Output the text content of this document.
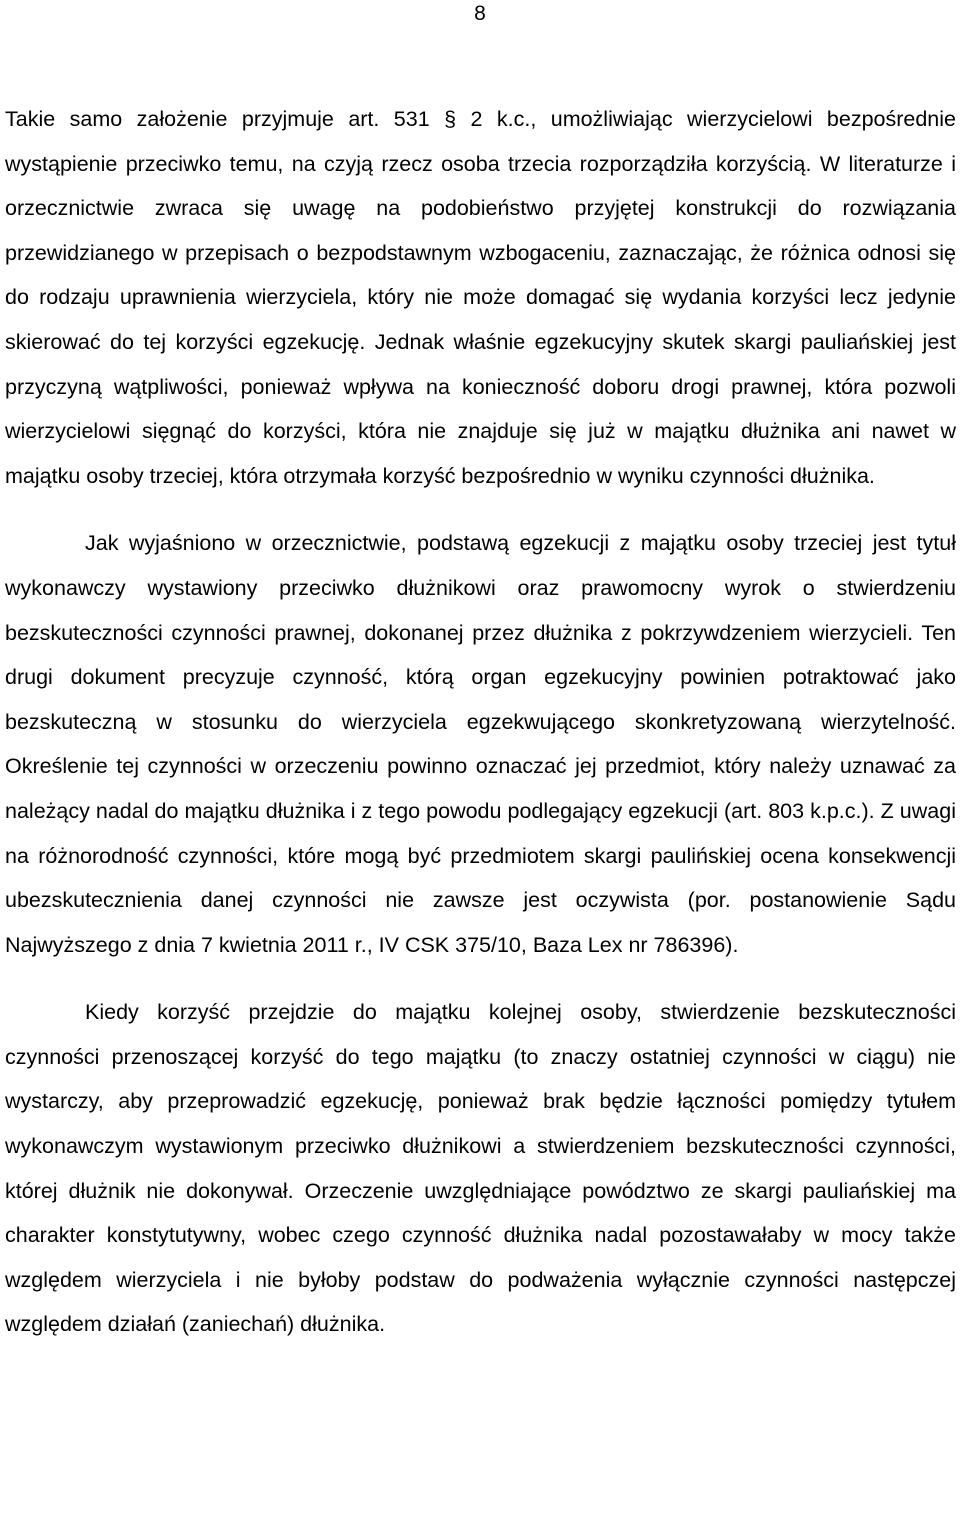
8

Takie samo założenie przyjmuje art. 531 § 2 k.c., umożliwiając wierzycielowi bezpośrednie wystąpienie przeciwko temu, na czyją rzecz osoba trzecia rozporządziła korzyścią. W literaturze i orzecznictwie zwraca się uwagę na podobieństwo przyjętej konstrukcji do rozwiązania przewidzianego w przepisach o bezpodstawnym wzbogaceniu, zaznaczając, że różnica odnosi się do rodzaju uprawnienia wierzyciela, który nie może domagać się wydania korzyści lecz jedynie skierować do tej korzyści egzekucję. Jednak właśnie egzekucyjny skutek skargi pauliańskiej jest przyczyną wątpliwości, ponieważ wpływa na konieczność doboru drogi prawnej, która pozwoli wierzycielowi sięgnąć do korzyści, która nie znajduje się już w majątku dłużnika ani nawet w majątku osoby trzeciej, która otrzymała korzyść bezpośrednio w wyniku czynności dłużnika.

Jak wyjaśniono w orzecznictwie, podstawą egzekucji z majątku osoby trzeciej jest tytuł wykonawczy wystawiony przeciwko dłużnikowi oraz prawomocny wyrok o stwierdzeniu bezskuteczności czynności prawnej, dokonanej przez dłużnika z pokrzywdzeniem wierzycieli. Ten drugi dokument precyzuje czynność, którą organ egzekucyjny powinien potraktować jako bezskuteczną w stosunku do wierzyciela egzekwującego skonkretyzowaną wierzytelność. Określenie tej czynności w orzeczeniu powinno oznaczać jej przedmiot, który należy uznawać za należący nadal do majątku dłużnika i z tego powodu podlegający egzekucji (art. 803 k.p.c.). Z uwagi na różnorodność czynności, które mogą być przedmiotem skargi paulińskiej ocena konsekwencji ubezskutecznienia danej czynności nie zawsze jest oczywista (por. postanowienie Sądu Najwyższego z dnia 7 kwietnia 2011 r., IV CSK 375/10, Baza Lex nr 786396).

Kiedy korzyść przejdzie do majątku kolejnej osoby, stwierdzenie bezskuteczności czynności przenoszącej korzyść do tego majątku (to znaczy ostatniej czynności w ciągu) nie wystarczy, aby przeprowadzić egzekucję, ponieważ brak będzie łączności pomiędzy tytułem wykonawczym wystawionym przeciwko dłużnikowi a stwierdzeniem bezskuteczności czynności, której dłużnik nie dokonywał. Orzeczenie uwzględniające powództwo ze skargi pauliańskiej ma charakter konstytutywny, wobec czego czynność dłużnika nadal pozostawałaby w mocy także względem wierzyciela i nie byłoby podstaw do podważenia wyłącznie czynności następczej względem działań (zaniechań) dłużnika.
